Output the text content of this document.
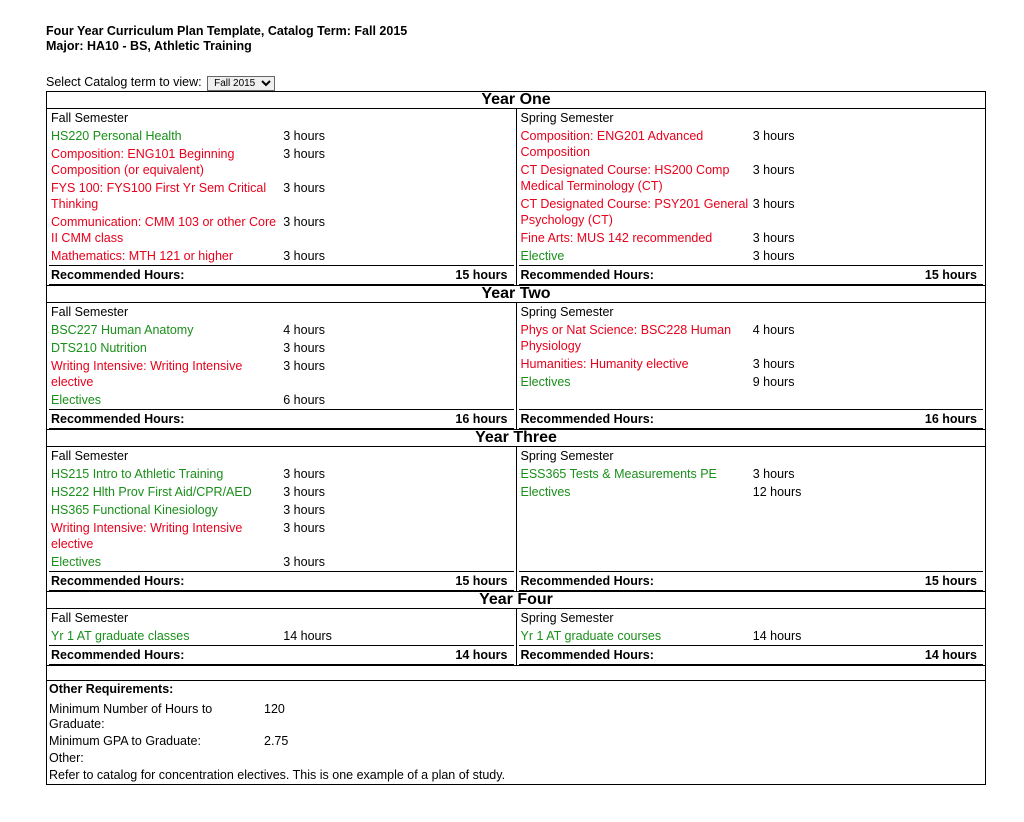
Four Year Curriculum Plan Template, Catalog Term: Fall 2015
Major: HA10 - BS, Athletic Training
Select Catalog term to view:
Fall 2015
Year One

Fall Semester
HS220 Personal Health	3 hours
Composition: ENG101 Beginning Composition (or equivalent)	3 hours
FYS 100: FYS100 First Yr Sem Critical Thinking	3 hours
Communication: CMM 103 or other Core II CMM class	3 hours
Mathematics: MTH 121 or higher	3 hours

Spring Semester
Composition: ENG201 Advanced Composition	3 hours
CT Designated Course: HS200 Comp Medical Terminology (CT)	3 hours
CT Designated Course: PSY201 General Psychology (CT)	3 hours
Fine Arts: MUS 142 recommended	3 hours
Elective	3 hours

Recommended Hours:	15 hours
	Recommended Hours:	15 hours

Year Two

Fall Semester
BSC227 Human Anatomy	4 hours
DTS210 Nutrition	3 hours
Writing Intensive: Writing Intensive elective	3 hours
Electives	6 hours

Spring Semester
Phys or Nat Science: BSC228 Human Physiology	4 hours
Humanities: Humanity elective	3 hours
Electives	9 hours

Recommended Hours:	16 hours
	Recommended Hours:	16 hours

Year Three

Fall Semester
HS215 Intro to Athletic Training	3 hours
HS222 Hlth Prov First Aid/CPR/AED	3 hours
HS365 Functional Kinesiology	3 hours
Writing Intensive: Writing Intensive elective	3 hours
Electives	3 hours

Spring Semester
ESS365 Tests & Measurements PE	3 hours
Electives	12 hours

Recommended Hours:	15 hours
	Recommended Hours:	15 hours

Year Four

Fall Semester
Yr 1 AT graduate classes	14 hours

Spring Semester
Yr 1 AT graduate courses	14 hours

Recommended Hours:	14 hours
	Recommended Hours:	14 hours

Other Requirements:
Minimum Number of Hours to Graduate:	120
Minimum GPA to Graduate:	2.75
Other:
Refer to catalog for concentration electives. This is one example of a plan of study.
